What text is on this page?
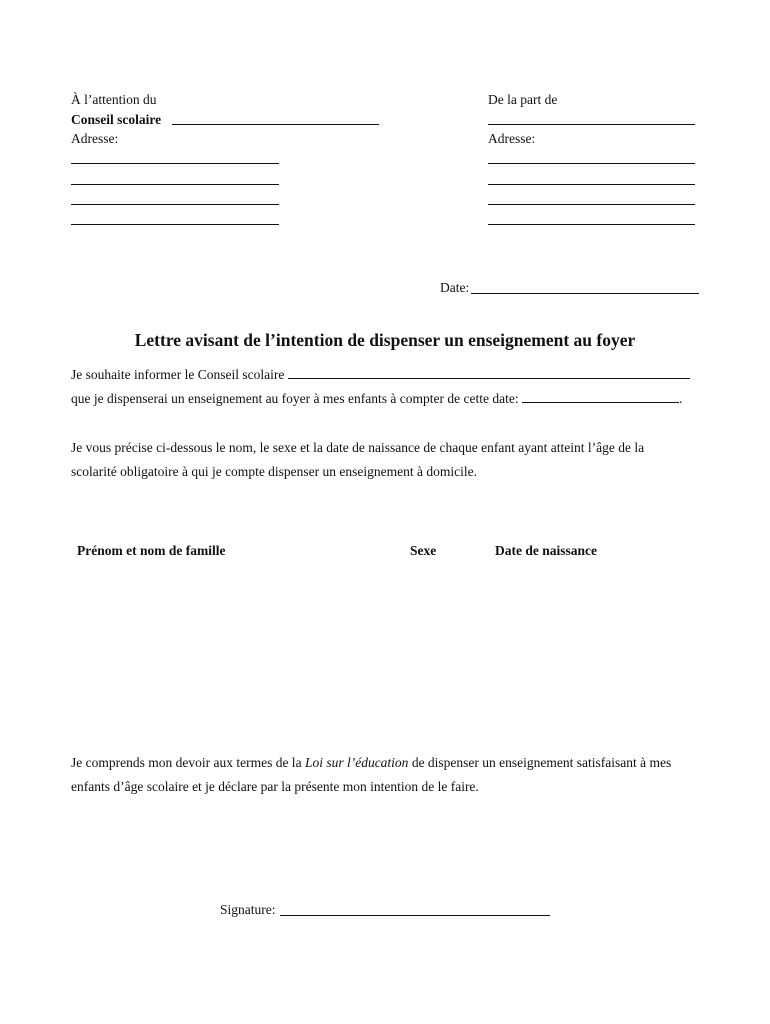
À l’attention du
Conseil scolaire
Adresse:
De la part de
Adresse:
Date:
Lettre avisant de l’intention de dispenser un enseignement au foyer
Je souhaite informer le Conseil scolaire
que je dispenserai un enseignement au foyer à mes enfants à compter de cette date:	.
Je vous précise ci-dessous le nom, le sexe et la date de naissance de chaque enfant ayant atteint l’âge de la
scolarité obligatoire à qui je compte dispenser un enseignement à domicile.
Prénom et nom de famille	Sexe	Date de naissance
Je comprends mon devoir aux termes de la Loi sur l’éducation de dispenser un enseignement satisfaisant à mes
enfants d’âge scolaire et je déclare par la présente mon intention de le faire.
Signature:
